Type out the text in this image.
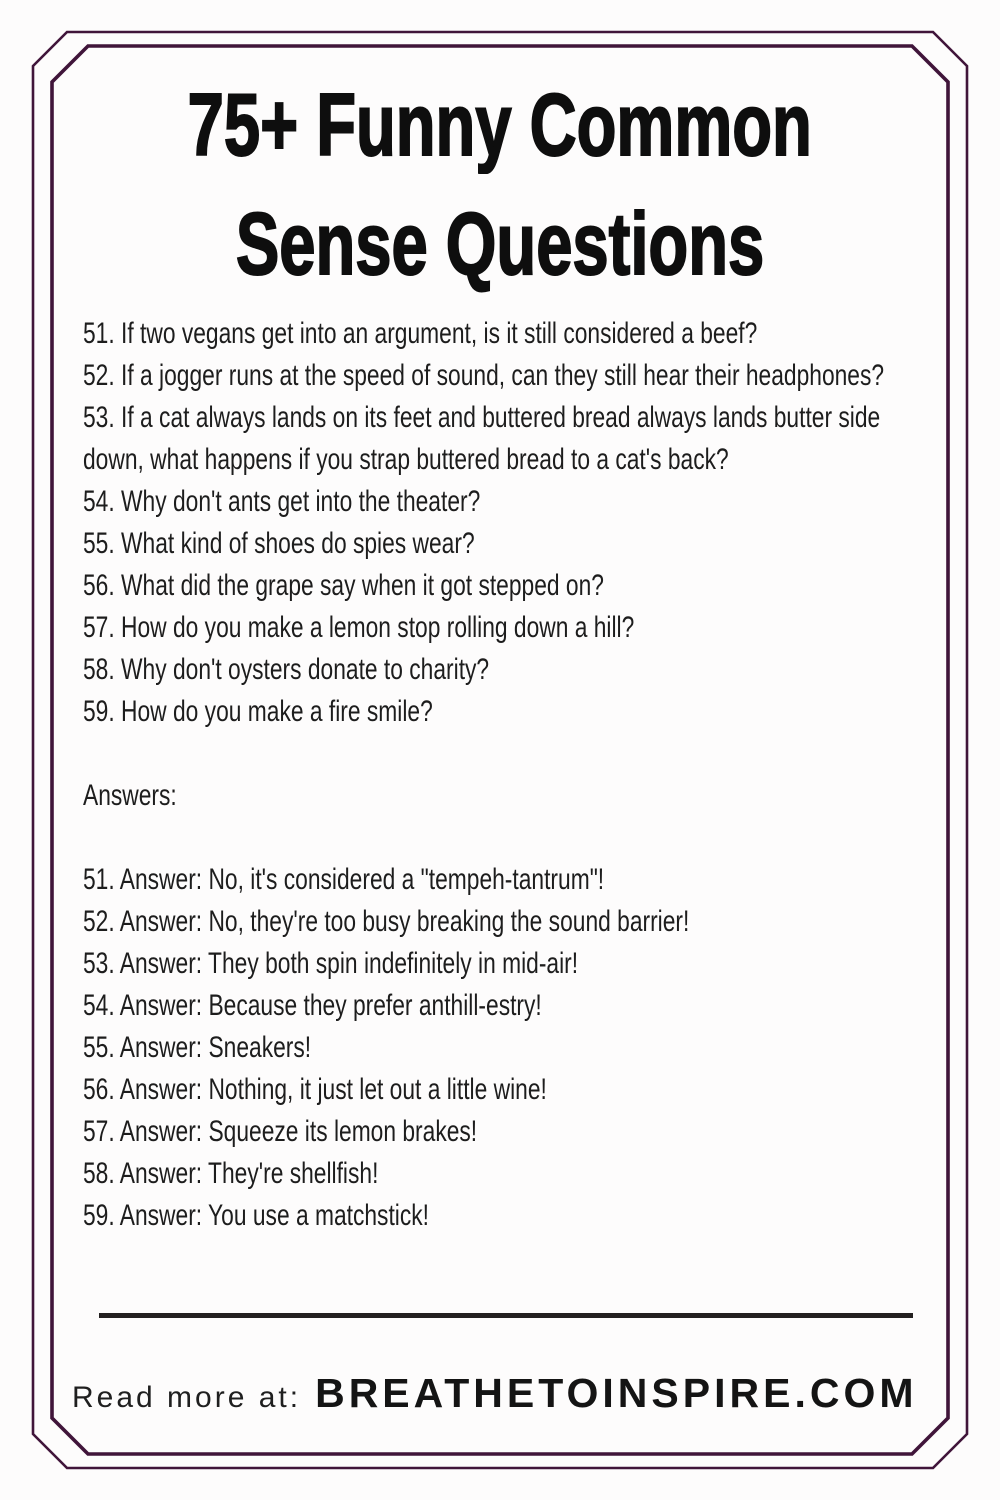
75+ Funny Common
Sense Questions
51. If two vegans get into an argument, is it still considered a beef?
52. If a jogger runs at the speed of sound, can they still hear their headphones?
53. If a cat always lands on its feet and buttered bread always lands butter side
down, what happens if you strap buttered bread to a cat's back?
54. Why don't ants get into the theater?
55. What kind of shoes do spies wear?
56. What did the grape say when it got stepped on?
57. How do you make a lemon stop rolling down a hill?
58. Why don't oysters donate to charity?
59. How do you make a fire smile?
Answers:
51. Answer: No, it's considered a "tempeh-tantrum"!
52. Answer: No, they're too busy breaking the sound barrier!
53. Answer: They both spin indefinitely in mid-air!
54. Answer: Because they prefer anthill-estry!
55. Answer: Sneakers!
56. Answer: Nothing, it just let out a little wine!
57. Answer: Squeeze its lemon brakes!
58. Answer: They're shellfish!
59. Answer: You use a matchstick!
Read more at: BREATHETOINSPIRE.COM
